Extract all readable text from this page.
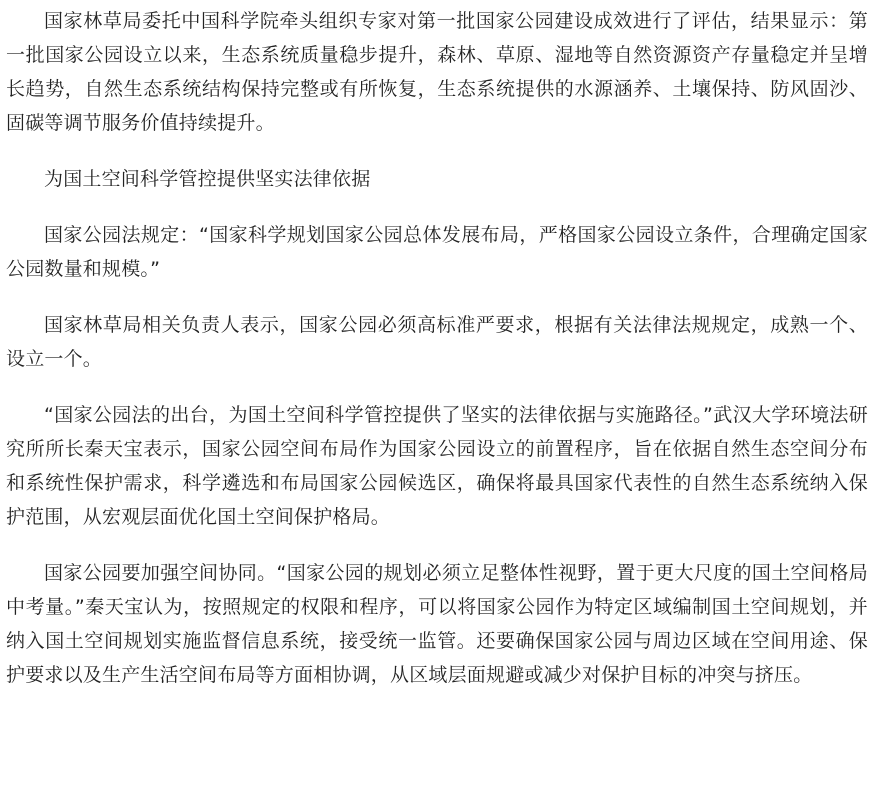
国家林草局委托中国科学院牵头组织专家对第一批国家公园建设成效进行了评估，结果显示：第一批国家公园设立以来，生态系统质量稳步提升，森林、草原、湿地等自然资源资产存量稳定并呈增长趋势，自然生态系统结构保持完整或有所恢复，生态系统提供的水源涵养、土壤保持、防风固沙、固碳等调节服务价值持续提升。

为国土空间科学管控提供坚实法律依据

国家公园法规定：“国家科学规划国家公园总体发展布局，严格国家公园设立条件，合理确定国家公园数量和规模。”

国家林草局相关负责人表示，国家公园必须高标准严要求，根据有关法律法规规定，成熟一个、设立一个。

“国家公园法的出台，为国土空间科学管控提供了坚实的法律依据与实施路径。”武汉大学环境法研究所所长秦天宝表示，国家公园空间布局作为国家公园设立的前置程序，旨在依据自然生态空间分布和系统性保护需求，科学遴选和布局国家公园候选区，确保将最具国家代表性的自然生态系统纳入保护范围，从宏观层面优化国土空间保护格局。

国家公园要加强空间协同。“国家公园的规划必须立足整体性视野，置于更大尺度的国土空间格局中考量。”秦天宝认为，按照规定的权限和程序，可以将国家公园作为特定区域编制国土空间规划，并纳入国土空间规划实施监督信息系统，接受统一监管。还要确保国家公园与周边区域在空间用途、保护要求以及生产生活空间布局等方面相协调，从区域层面规避或减少对保护目标的冲突与挤压。
